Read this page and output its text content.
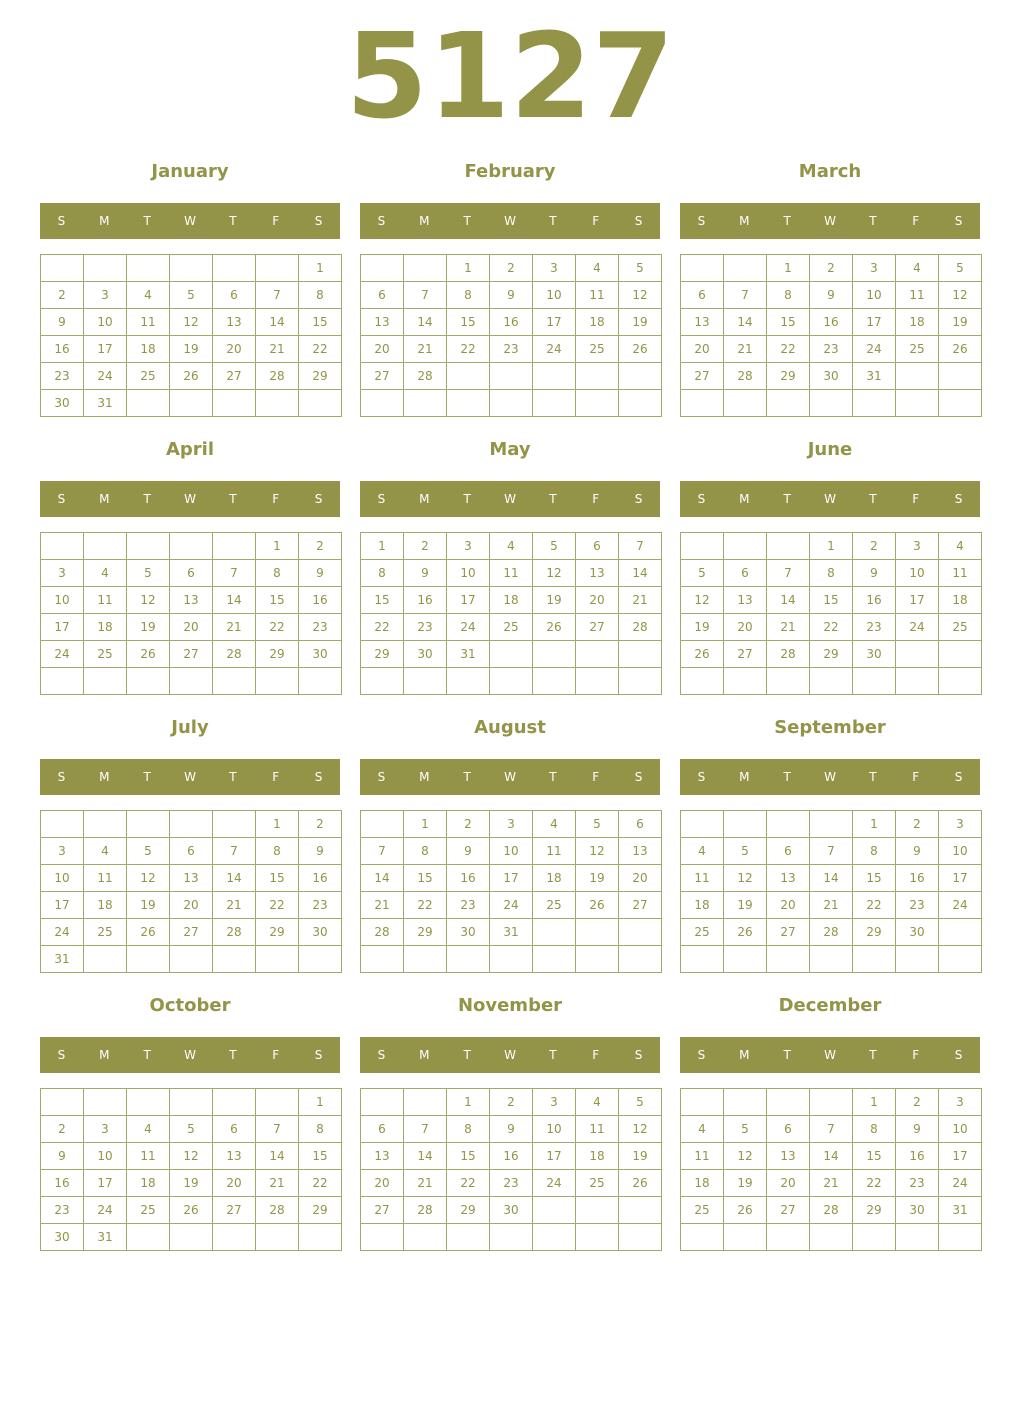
5127
January
S	M	T	W	T	F	S
						1
2	3	4	5	6	7	8
9	10	11	12	13	14	15
16	17	18	19	20	21	22
23	24	25	26	27	28	29
30	31					
February
S	M	T	W	T	F	S
		1	2	3	4	5
6	7	8	9	10	11	12
13	14	15	16	17	18	19
20	21	22	23	24	25	26
27	28					

March
S	M	T	W	T	F	S
		1	2	3	4	5
6	7	8	9	10	11	12
13	14	15	16	17	18	19
20	21	22	23	24	25	26
27	28	29	30	31		

April
S	M	T	W	T	F	S
					1	2
3	4	5	6	7	8	9
10	11	12	13	14	15	16
17	18	19	20	21	22	23
24	25	26	27	28	29	30

May
S	M	T	W	T	F	S
1	2	3	4	5	6	7
8	9	10	11	12	13	14
15	16	17	18	19	20	21
22	23	24	25	26	27	28
29	30	31				

June
S	M	T	W	T	F	S
			1	2	3	4
5	6	7	8	9	10	11
12	13	14	15	16	17	18
19	20	21	22	23	24	25
26	27	28	29	30		

July
S	M	T	W	T	F	S
					1	2
3	4	5	6	7	8	9
10	11	12	13	14	15	16
17	18	19	20	21	22	23
24	25	26	27	28	29	30
31						
August
S	M	T	W	T	F	S
	1	2	3	4	5	6
7	8	9	10	11	12	13
14	15	16	17	18	19	20
21	22	23	24	25	26	27
28	29	30	31			

September
S	M	T	W	T	F	S
				1	2	3
4	5	6	7	8	9	10
11	12	13	14	15	16	17
18	19	20	21	22	23	24
25	26	27	28	29	30	

October
S	M	T	W	T	F	S
						1
2	3	4	5	6	7	8
9	10	11	12	13	14	15
16	17	18	19	20	21	22
23	24	25	26	27	28	29
30	31					
November
S	M	T	W	T	F	S
		1	2	3	4	5
6	7	8	9	10	11	12
13	14	15	16	17	18	19
20	21	22	23	24	25	26
27	28	29	30			

December
S	M	T	W	T	F	S
				1	2	3
4	5	6	7	8	9	10
11	12	13	14	15	16	17
18	19	20	21	22	23	24
25	26	27	28	29	30	31
